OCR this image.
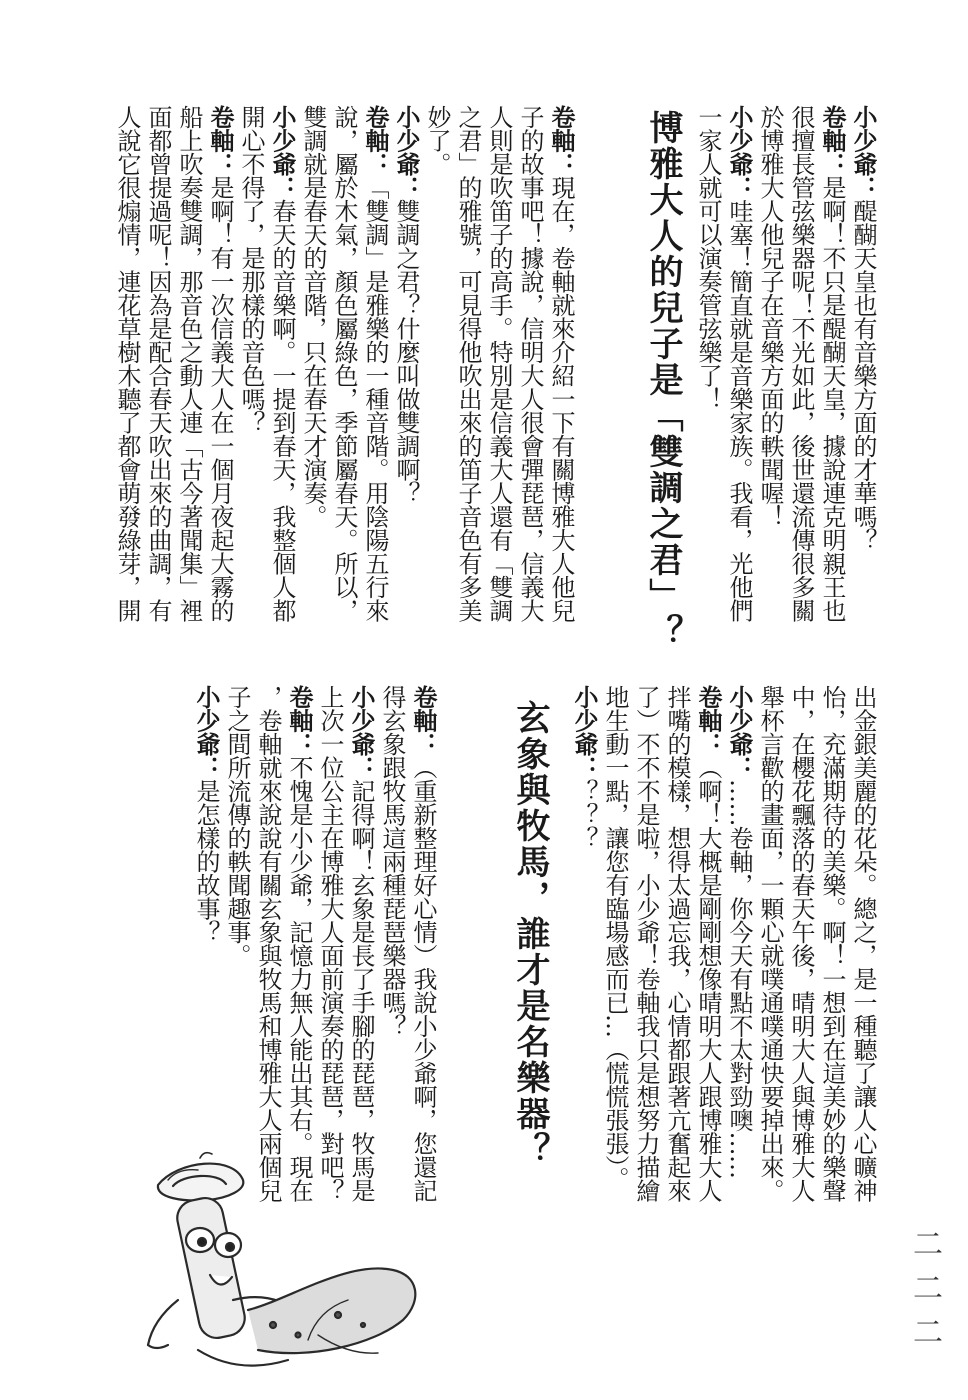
小少爺：醍醐天皇也有音樂方面的才華嗎？
卷軸：是啊！不只是醍醐天皇，據說連克明親王也
很擅長管弦樂器呢！不光如此，後世還流傳很多關
於博雅大人他兒子在音樂方面的軼聞喔！
小少爺：哇塞！簡直就是音樂家族。我看，光他們
一家人就可以演奏管弦樂了！
博雅大人的兒子是「雙調之君」？
卷軸：現在，卷軸就來介紹一下有關博雅大人他兒
子的故事吧！據說，信明大人很會彈琵琶，信義大
人則是吹笛子的高手。特別是信義大人還有「雙調
之君」的雅號，可見得他吹出來的笛子音色有多美
妙了。
小少爺：雙調之君？什麼叫做雙調啊？
卷軸：「雙調」是雅樂的一種音階。用陰陽五行來
說，屬於木氣，顏色屬綠色，季節屬春天。所以，
雙調就是春天的音階，只在春天才演奏。
小少爺：春天的音樂啊。一提到春天，我整個人都
開心不得了，是那樣的音色嗎？
卷軸：是啊！有一次信義大人在一個月夜起大霧的
船上吹奏雙調，那音色之動人連「古今著聞集」裡
面都曾提過呢！因為是配合春天吹出來的曲調，有
人說它很煽情，連花草樹木聽了都會萌發綠芽，開
出金銀美麗的花朵。總之，是一種聽了讓人心曠神
怡，充滿期待的美樂。啊！一想到在這美妙的樂聲
中，在櫻花飄落的春天午後，晴明大人與博雅大人
舉杯言歡的畫面，一顆心就噗通噗通快要掉出來。
小少爺：……卷軸，你今天有點不太對勁噢……
卷軸：（啊！大概是剛剛想像晴明大人跟博雅大人
拌嘴的模樣，想得太過忘我，心情都跟著亢奮起來
了）不不不是啦，小少爺！卷軸我只是想努力描繪
地生動一點，讓您有臨場感而已…（慌慌張張）。
小少爺：？？？
玄象與牧馬，誰才是名樂器？
卷軸：（重新整理好心情）我說小少爺啊，您還記
得玄象跟牧馬這兩種琵琶樂器嗎？
小少爺：記得啊！玄象是長了手腳的琵琶，牧馬是
上次一位公主在博雅大人面前演奏的琵琶，對吧？
卷軸：不愧是小少爺，記憶力無人能出其右。現在
，卷軸就來說說有關玄象與牧馬和博雅大人兩個兒
子之間所流傳的軼聞趣事。
小少爺：是怎樣的故事？
二二二
